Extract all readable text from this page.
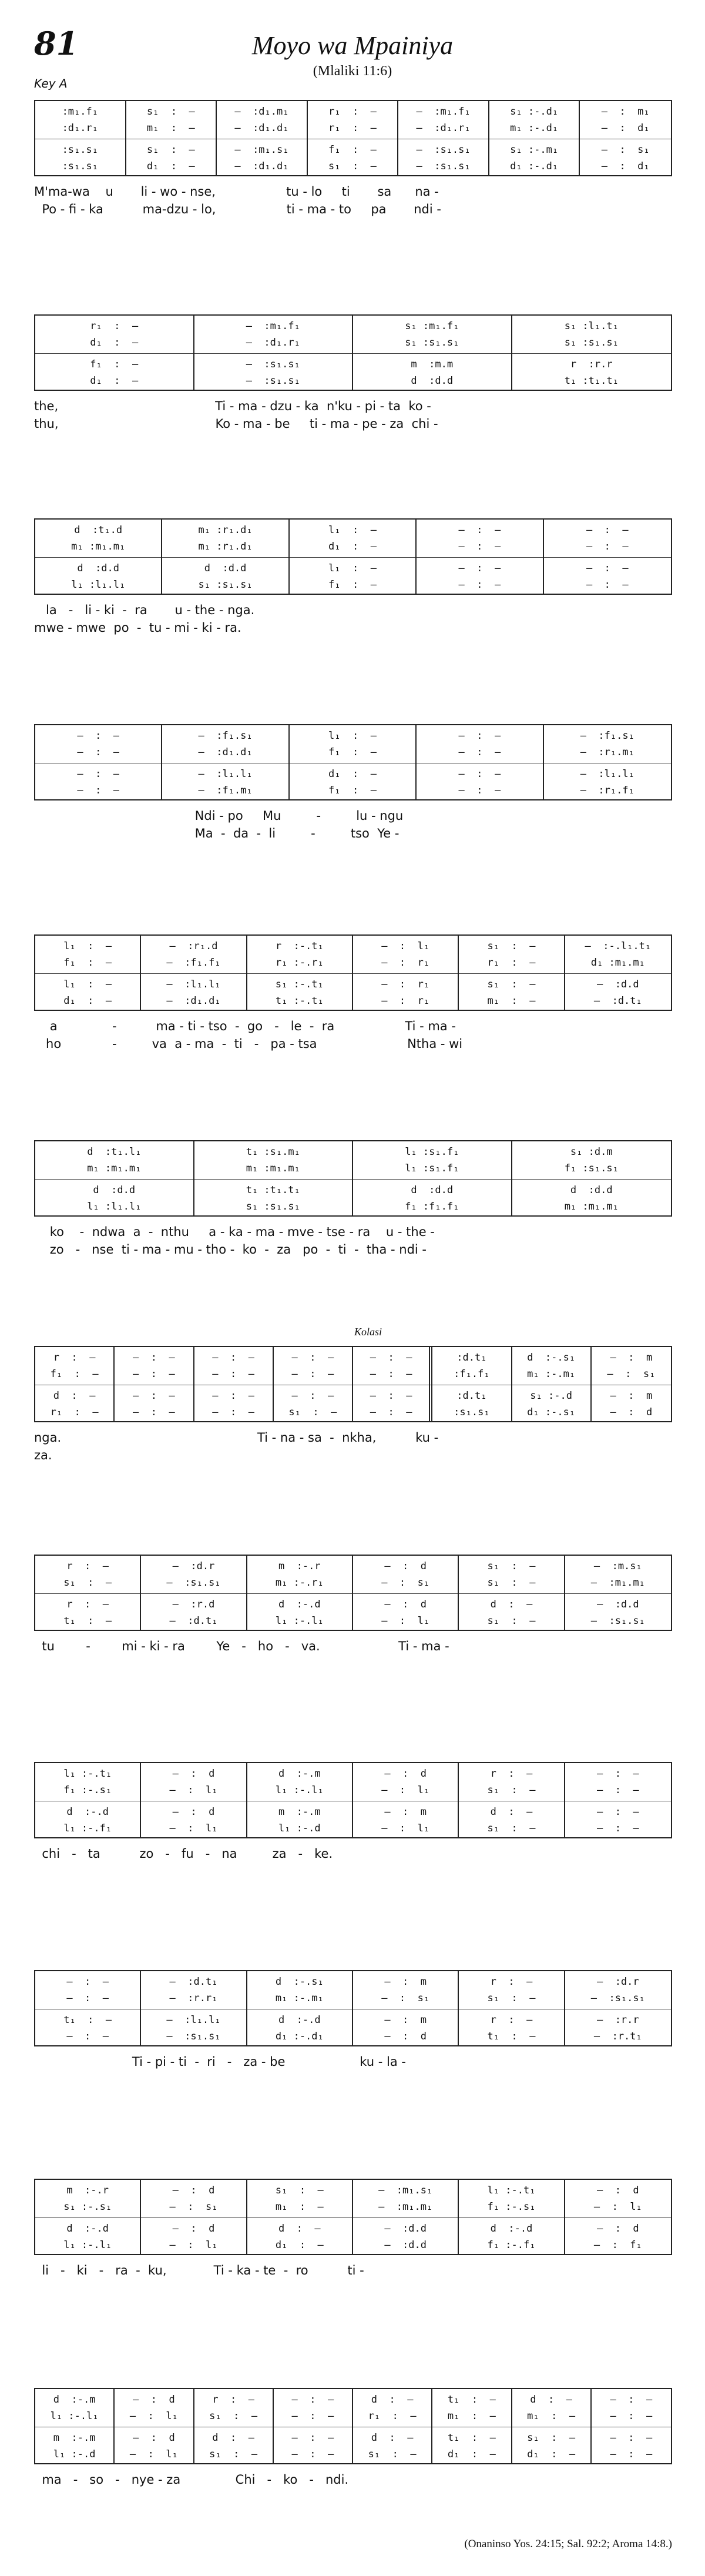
81	Moyo wa Mpainiya
(Mlaliki 11:6)
Key A
:m₁.f₁
:d₁.r₁
:s₁.s₁
:s₁.s₁
s₁  :  —
m₁  :  —
s₁  :  —
d₁  :  —
—  :d₁.m₁
—  :d₁.d₁
—  :m₁.s₁
—  :d₁.d₁
r₁  :  —
r₁  :  —
f₁  :  —
s₁  :  —
—  :m₁.f₁
—  :d₁.r₁
—  :s₁.s₁
—  :s₁.s₁
s₁ :-.d₁
m₁ :-.d₁
s₁ :-.m₁
d₁ :-.d₁
—  :  m₁
—  :  d₁
—  :  s₁
—  :  d₁
M'ma-wa    u       li - wo - nse,                  tu - lo     ti       sa      na -
Po - fi - ka          ma-dzu - lo,                  ti - ma - to     pa       ndi -
r₁  :  —
d₁  :  —
f₁  :  —
d₁  :  —
—  :m₁.f₁
—  :d₁.r₁
—  :s₁.s₁
—  :s₁.s₁
s₁ :m₁.f₁
s₁ :s₁.s₁
m  :m.m
d  :d.d
s₁ :l₁.t₁
s₁ :s₁.s₁
r  :r.r
t₁ :t₁.t₁
the,                                        Ti - ma - dzu - ka  n'ku - pi - ta  ko -
thu,                                        Ko - ma - be     ti - ma - pe - za  chi -
d  :t₁.d
m₁ :m₁.m₁
d  :d.d
l₁ :l₁.l₁
m₁ :r₁.d₁
m₁ :r₁.d₁
d  :d.d
s₁ :s₁.s₁
l₁  :  —
d₁  :  —
l₁  :  —
f₁  :  —
—  :  —
—  :  —
—  :  —
—  :  —
—  :  —
—  :  —
—  :  —
—  :  —
la   -   li - ki  -  ra       u - the - nga.
mwe - mwe  po  -  tu - mi - ki - ra.
—  :  —
—  :  —
—  :  —
—  :  —
—  :f₁.s₁
—  :d₁.d₁
—  :l₁.l₁
—  :f₁.m₁
l₁  :  —
f₁  :  —
d₁  :  —
f₁  :  —
—  :  —
—  :  —
—  :  —
—  :  —
—  :f₁.s₁
—  :r₁.m₁
—  :l₁.l₁
—  :r₁.f₁
Ndi - po     Mu         -         lu - ngu
Ma  -  da  -  li         -         tso  Ye -
l₁  :  —
f₁  :  —
l₁  :  —
d₁  :  —
—  :r₁.d
—  :f₁.f₁
—  :l₁.l₁
—  :d₁.d₁
r  :-.t₁
r₁ :-.r₁
s₁ :-.t₁
t₁ :-.t₁
—  :  l₁
—  :  r₁
—  :  r₁
—  :  r₁
s₁  :  —
r₁  :  —
s₁  :  —
m₁  :  —
—  :-.l₁.t₁
d₁ :m₁.m₁
—  :d.d
—  :d.t₁
a              -          ma - ti - tso  -  go   -   le  -  ra                  Ti - ma -
ho             -         va  a - ma  -  ti   -   pa - tsa                       Ntha - wi
d  :t₁.l₁
m₁ :m₁.m₁
d  :d.d
l₁ :l₁.l₁
t₁ :s₁.m₁
m₁ :m₁.m₁
t₁ :t₁.t₁
s₁ :s₁.s₁
l₁ :s₁.f₁
l₁ :s₁.f₁
d  :d.d
f₁ :f₁.f₁
s₁ :d.m
f₁ :s₁.s₁
d  :d.d
m₁ :m₁.m₁
ko    -  ndwa  a  -  nthu     a - ka - ma - mve - tse - ra    u - the -
zo   -   nse  ti - ma - mu - tho -  ko  -  za   po  -  ti  -  tha - ndi -
Kolasi
r  :  —
f₁  :  —
d  :  —
r₁  :  —
—  :  —
—  :  —
—  :  —
—  :  —
—  :  —
—  :  —
—  :  —
—  :  —
—  :  —
—  :  —
—  :  —
s₁  :  —
—  :  —
—  :  —
—  :  —
—  :  —
:d.t₁
:f₁.f₁
:d.t₁
:s₁.s₁
d  :-.s₁
m₁ :-.m₁
s₁ :-.d
d₁ :-.s₁
—  :  m
—  :  s₁
—  :  m
—  :  d
nga.                                                  Ti - na - sa  -  nkha,          ku -
za.
r  :  —
s₁  :  —
r  :  —
t₁  :  —
—  :d.r
—  :s₁.s₁
—  :r.d
—  :d.t₁
m  :-.r
m₁ :-.r₁
d  :-.d
l₁ :-.l₁
—  :  d
—  :  s₁
—  :  d
—  :  l₁
s₁  :  —
s₁  :  —
d  :  —
s₁  :  —
—  :m.s₁
—  :m₁.m₁
—  :d.d
—  :s₁.s₁
tu        -        mi - ki - ra        Ye   -   ho   -   va.                    Ti - ma -
l₁ :-.t₁
f₁ :-.s₁
d  :-.d
l₁ :-.f₁
—  :  d
—  :  l₁
—  :  d
—  :  l₁
d  :-.m
l₁ :-.l₁
m  :-.m
l₁ :-.d
—  :  d
—  :  l₁
—  :  m
—  :  l₁
r  :  —
s₁  :  —
d  :  —
s₁  :  —
—  :  —
—  :  —
—  :  —
—  :  —
chi   -   ta          zo   -   fu   -   na         za   -   ke.
—  :  —
—  :  —
t₁  :  —
—  :  —
—  :d.t₁
—  :r.r₁
—  :l₁.l₁
—  :s₁.s₁
d  :-.s₁
m₁ :-.m₁
d  :-.d
d₁ :-.d₁
—  :  m
—  :  s₁
—  :  m
—  :  d
r  :  —
s₁  :  —
r  :  —
t₁  :  —
—  :d.r
—  :s₁.s₁
—  :r.r
—  :r.t₁
Ti - pi - ti  -  ri   -   za - be                   ku - la -
m  :-.r
s₁ :-.s₁
d  :-.d
l₁ :-.l₁
—  :  d
—  :  s₁
—  :  d
—  :  l₁
s₁  :  —
m₁  :  —
d  :  —
d₁  :  —
—  :m₁.s₁
—  :m₁.m₁
—  :d.d
—  :d.d
l₁ :-.t₁
f₁ :-.s₁
d  :-.d
f₁ :-.f₁
—  :  d
—  :  l₁
—  :  d
—  :  f₁
li   -   ki   -   ra  -  ku,            Ti - ka - te  -  ro          ti -
d  :-.m
l₁ :-.l₁
m  :-.m
l₁ :-.d
—  :  d
—  :  l₁
—  :  d
—  :  l₁
r  :  —
s₁  :  —
d  :  —
s₁  :  —
—  :  —
—  :  —
—  :  —
—  :  —
d  :  —
r₁  :  —
d  :  —
s₁  :  —
t₁  :  —
m₁  :  —
t₁  :  —
d₁  :  —
d  :  —
m₁  :  —
s₁  :  —
d₁  :  —
—  :  —
—  :  —
—  :  —
—  :  —
ma   -   so   -   nye - za              Chi   -   ko   -   ndi.
(Onaninso Yos. 24:15; Sal. 92:2; Aroma 14:8.)
